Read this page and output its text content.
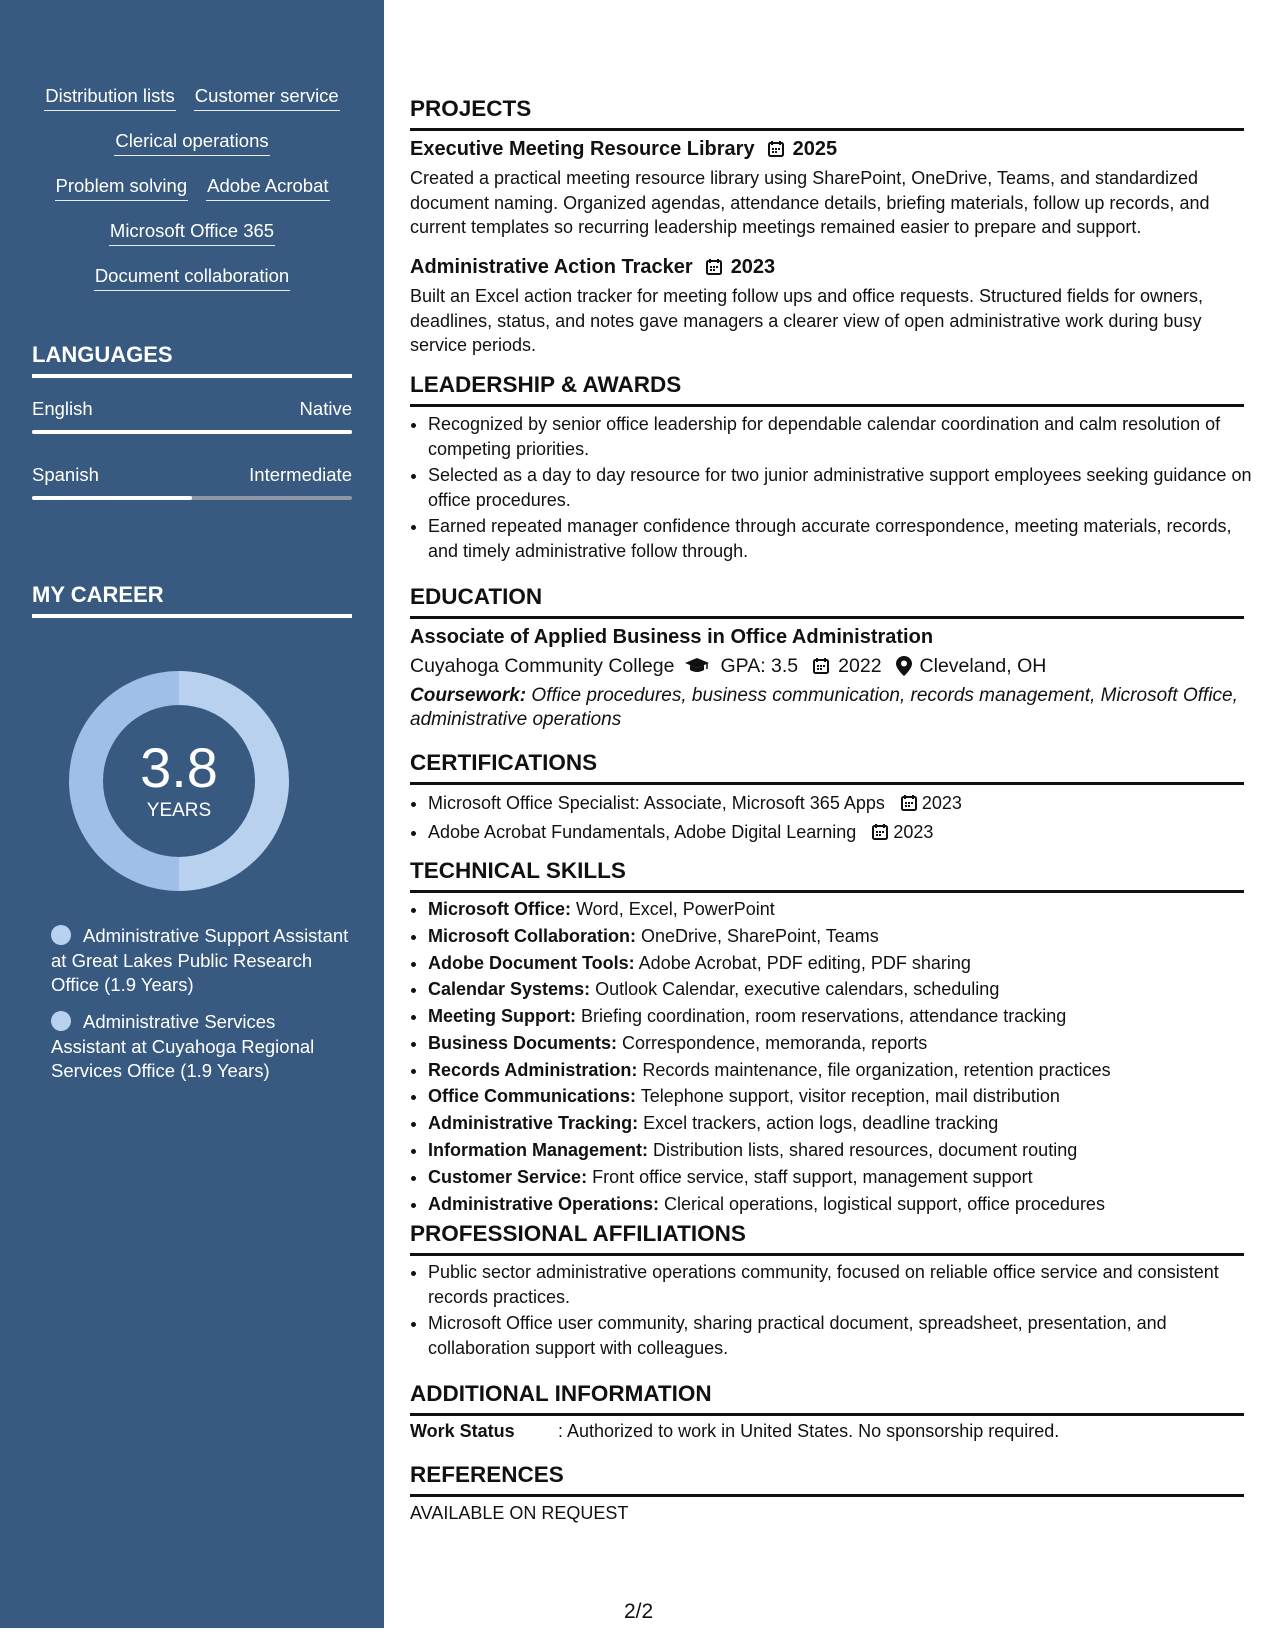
Distribution lists Customer service
Clerical operations
Problem solving Adobe Acrobat
Microsoft Office 365
Document collaboration
LANGUAGES
English	Native
Spanish	Intermediate
MY CAREER
3.8
YEARS
Administrative Support Assistant at Great Lakes Public Research Office (1.9 Years)
Administrative Services Assistant at Cuyahoga Regional Services Office (1.9 Years)
PROJECTS
Executive Meeting Resource Library 2025
Created a practical meeting resource library using SharePoint, OneDrive, Teams, and standardized document naming. Organized agendas, attendance details, briefing materials, follow up records, and current templates so recurring leadership meetings remained easier to prepare and support.
Administrative Action Tracker 2023
Built an Excel action tracker for meeting follow ups and office requests. Structured fields for owners, deadlines, status, and notes gave managers a clearer view of open administrative work during busy service periods.
LEADERSHIP & AWARDS
• Recognized by senior office leadership for dependable calendar coordination and calm resolution of competing priorities.
• Selected as a day to day resource for two junior administrative support employees seeking guidance on office procedures.
• Earned repeated manager confidence through accurate correspondence, meeting materials, records, and timely administrative follow through.
EDUCATION
Associate of Applied Business in Office Administration
Cuyahoga Community College GPA: 3.5 2022 Cleveland, OH
Coursework: Office procedures, business communication, records management, Microsoft Office, administrative operations
CERTIFICATIONS
• Microsoft Office Specialist: Associate, Microsoft 365 Apps 2023
• Adobe Acrobat Fundamentals, Adobe Digital Learning 2023
TECHNICAL SKILLS
• Microsoft Office: Word, Excel, PowerPoint
• Microsoft Collaboration: OneDrive, SharePoint, Teams
• Adobe Document Tools: Adobe Acrobat, PDF editing, PDF sharing
• Calendar Systems: Outlook Calendar, executive calendars, scheduling
• Meeting Support: Briefing coordination, room reservations, attendance tracking
• Business Documents: Correspondence, memoranda, reports
• Records Administration: Records maintenance, file organization, retention practices
• Office Communications: Telephone support, visitor reception, mail distribution
• Administrative Tracking: Excel trackers, action logs, deadline tracking
• Information Management: Distribution lists, shared resources, document routing
• Customer Service: Front office service, staff support, management support
• Administrative Operations: Clerical operations, logistical support, office procedures
PROFESSIONAL AFFILIATIONS
• Public sector administrative operations community, focused on reliable office service and consistent records practices.
• Microsoft Office user community, sharing practical document, spreadsheet, presentation, and collaboration support with colleagues.
ADDITIONAL INFORMATION
Work Status	: Authorized to work in United States. No sponsorship required.
REFERENCES
AVAILABLE ON REQUEST
2/2
